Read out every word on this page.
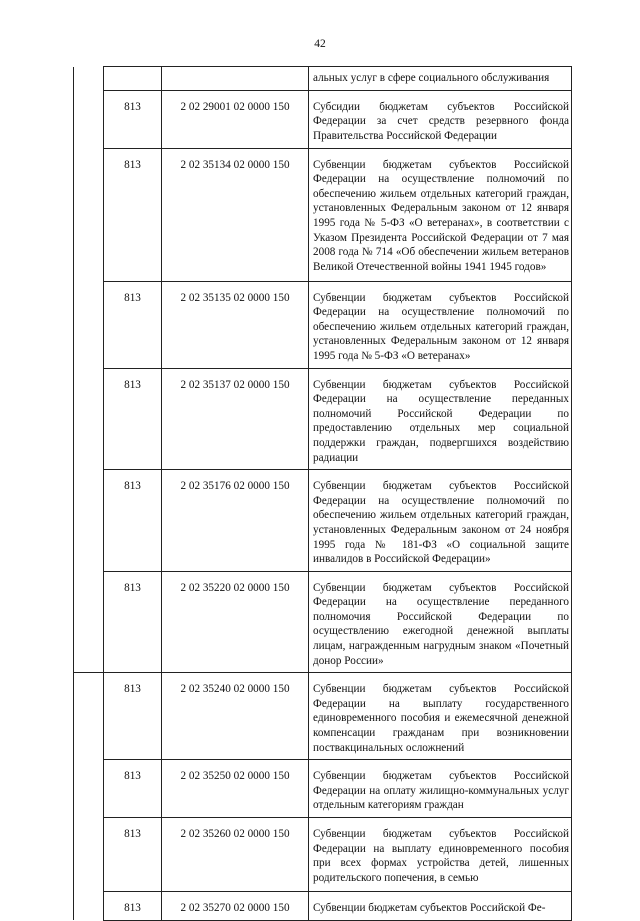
42
			альных услуг в сфере социального обслуживания
	813	2 02 29001 02 0000 150	Субсидии бюджетам субъектов Российской Федерации за счет средств резервного фонда Правительства Российской Федерации
	813	2 02 35134 02 0000 150	Субвенции бюджетам субъектов Российской Федерации на осуществление полномочий по обеспечению жильем отдельных категорий граждан, установленных Федеральным законом от 12 января 1995 года № 5-ФЗ «О ветеранах», в соответствии с Указом Президента Российской Федерации от 7 мая 2008 года № 714 «Об обеспечении жильем ветеранов Великой Отечественной войны 1941 1945 годов»
	813	2 02 35135 02 0000 150	Субвенции бюджетам субъектов Российской Федерации на осуществление полномочий по обеспечению жильем отдельных категорий граждан, установленных Федеральным законом от 12 января 1995 года № 5-ФЗ «О ветеранах»
	813	2 02 35137 02 0000 150	Субвенции бюджетам субъектов Российской Федерации на осуществление переданных полномочий Российской Федерации по предоставлению отдельных мер социальной поддержки граждан, подвергшихся воздействию радиации
	813	2 02 35176 02 0000 150	Субвенции бюджетам субъектов Российской Федерации на осуществление полномочий по обеспечению жильем отдельных категорий граждан, установленных Федеральным законом от 24 ноября 1995 года № 181-ФЗ «О социальной защите инвалидов в Российской Федерации»
	813	2 02 35220 02 0000 150	Субвенции бюджетам субъектов Российской Федерации на осуществление переданного полномочия Российской Федерации по осуществлению ежегодной денежной выплаты лицам, награжденным нагрудным знаком «Почетный донор России»
	813	2 02 35240 02 0000 150	Субвенции бюджетам субъектов Российской Федерации на выплату государственного единовременного пособия и ежемесячной денежной компенсации гражданам при возникновении поствакцинальных осложнений
	813	2 02 35250 02 0000 150	Субвенции бюджетам субъектов Российской Федерации на оплату жилищно-коммунальных услуг отдельным категориям граждан
	813	2 02 35260 02 0000 150	Субвенции бюджетам субъектов Российской Федерации на выплату единовременного пособия при всех формах устройства детей, лишенных родительского попечения, в семью
	813	2 02 35270 02 0000 150	Субвенции бюджетам субъектов Российской Фе-
